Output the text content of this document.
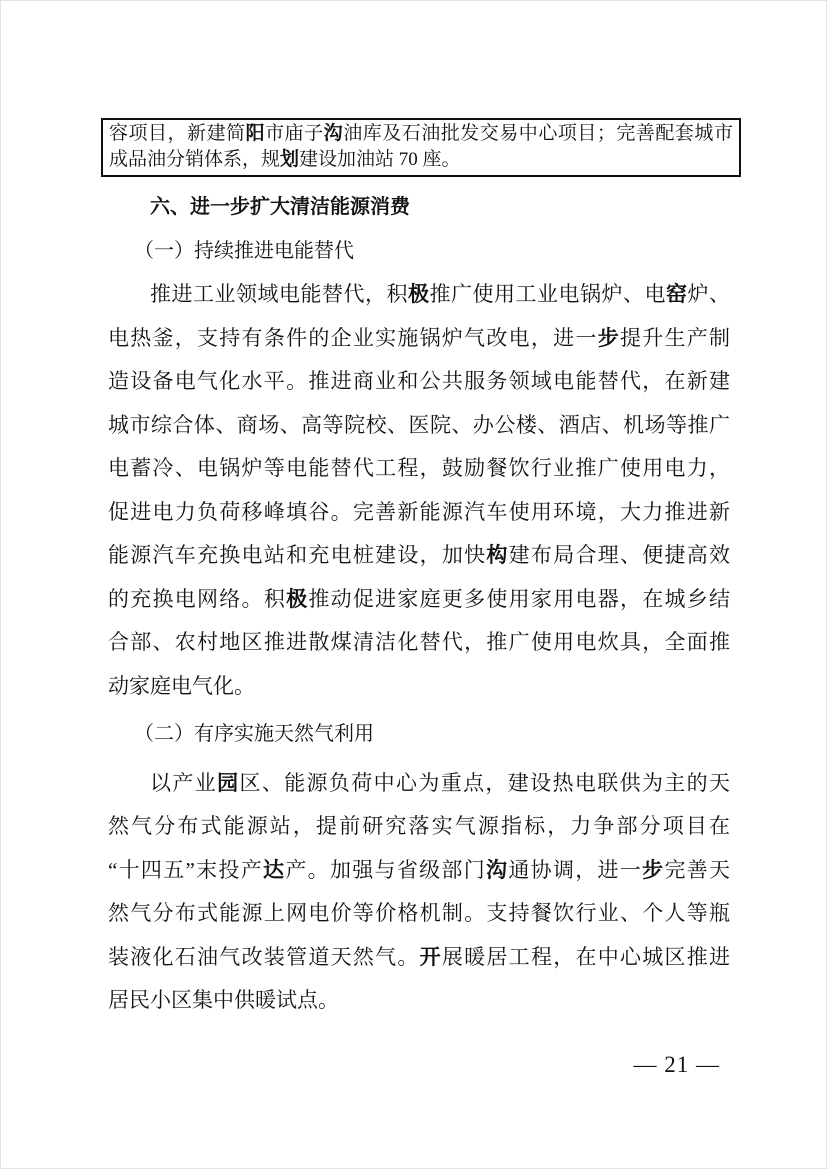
容项目，新建简阳市庙子沟油库及石油批发交易中心项目；完善配套城市
成品油分销体系，规划建设加油站 70 座。
六、进一步扩大清洁能源消费
（一）持续推进电能替代
推进工业领域电能替代，积极推广使用工业电锅炉、电窑炉、
电热釜，支持有条件的企业实施锅炉气改电，进一步提升生产制
造设备电气化水平。推进商业和公共服务领域电能替代，在新建
城市综合体、商场、高等院校、医院、办公楼、酒店、机场等推广
电蓄冷、电锅炉等电能替代工程，鼓励餐饮行业推广使用电力，
促进电力负荷移峰填谷。完善新能源汽车使用环境，大力推进新
能源汽车充换电站和充电桩建设，加快构建布局合理、便捷高效
的充换电网络。积极推动促进家庭更多使用家用电器，在城乡结
合部、农村地区推进散煤清洁化替代，推广使用电炊具，全面推
动家庭电气化。
（二）有序实施天然气利用
以产业园区、能源负荷中心为重点，建设热电联供为主的天
然气分布式能源站，提前研究落实气源指标，力争部分项目在
“十四五”末投产达产。加强与省级部门沟通协调，进一步完善天
然气分布式能源上网电价等价格机制。支持餐饮行业、个人等瓶
装液化石油气改装管道天然气。开展暖居工程，在中心城区推进
居民小区集中供暖试点。
— 21 —
